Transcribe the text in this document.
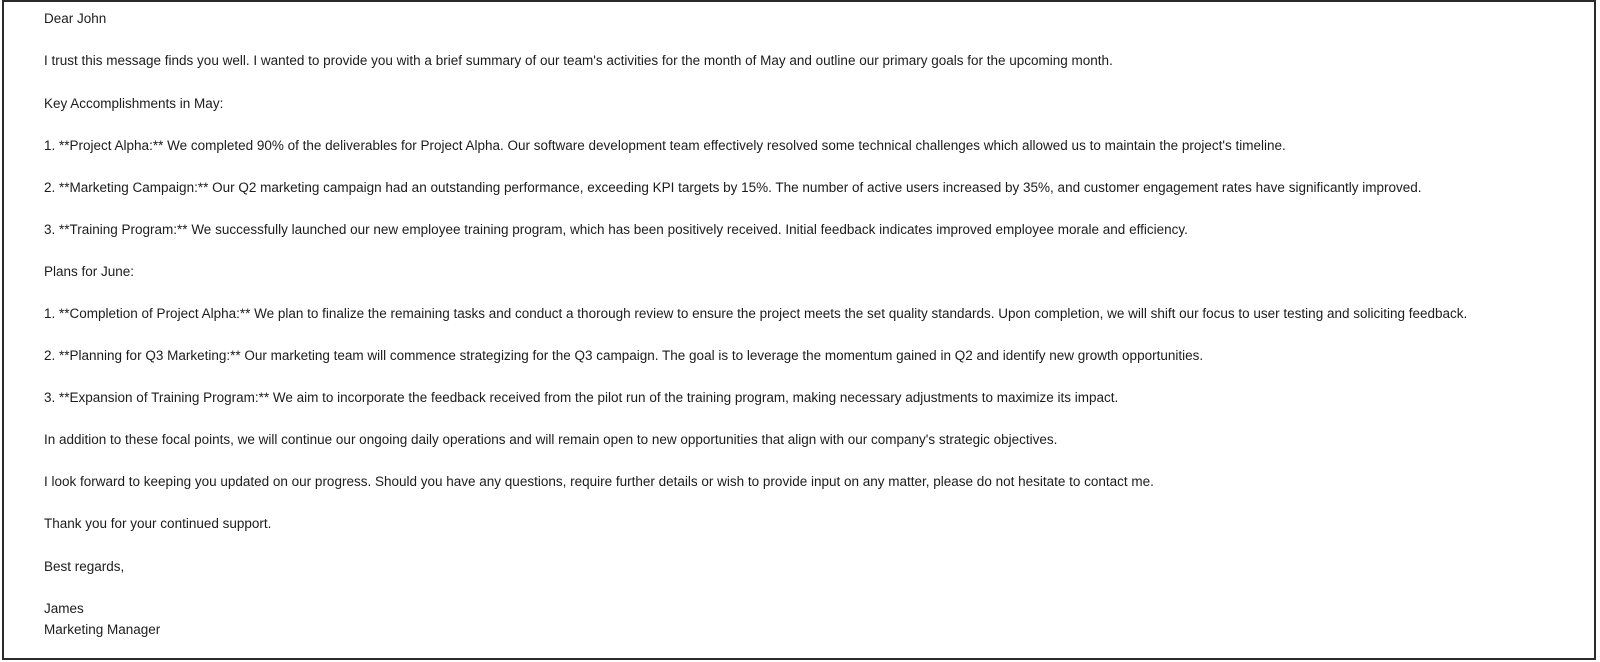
Dear John
I trust this message finds you well. I wanted to provide you with a brief summary of our team's activities for the month of May and outline our primary goals for the upcoming month.
Key Accomplishments in May:
1. **Project Alpha:** We completed 90% of the deliverables for Project Alpha. Our software development team effectively resolved some technical challenges which allowed us to maintain the project's timeline.
2. **Marketing Campaign:** Our Q2 marketing campaign had an outstanding performance, exceeding KPI targets by 15%. The number of active users increased by 35%, and customer engagement rates have significantly improved.
3. **Training Program:** We successfully launched our new employee training program, which has been positively received. Initial feedback indicates improved employee morale and efficiency.
Plans for June:
1. **Completion of Project Alpha:** We plan to finalize the remaining tasks and conduct a thorough review to ensure the project meets the set quality standards. Upon completion, we will shift our focus to user testing and soliciting feedback.
2. **Planning for Q3 Marketing:** Our marketing team will commence strategizing for the Q3 campaign. The goal is to leverage the momentum gained in Q2 and identify new growth opportunities.
3. **Expansion of Training Program:** We aim to incorporate the feedback received from the pilot run of the training program, making necessary adjustments to maximize its impact.
In addition to these focal points, we will continue our ongoing daily operations and will remain open to new opportunities that align with our company's strategic objectives.
I look forward to keeping you updated on our progress. Should you have any questions, require further details or wish to provide input on any matter, please do not hesitate to contact me.
Thank you for your continued support.
Best regards,
James
Marketing Manager
